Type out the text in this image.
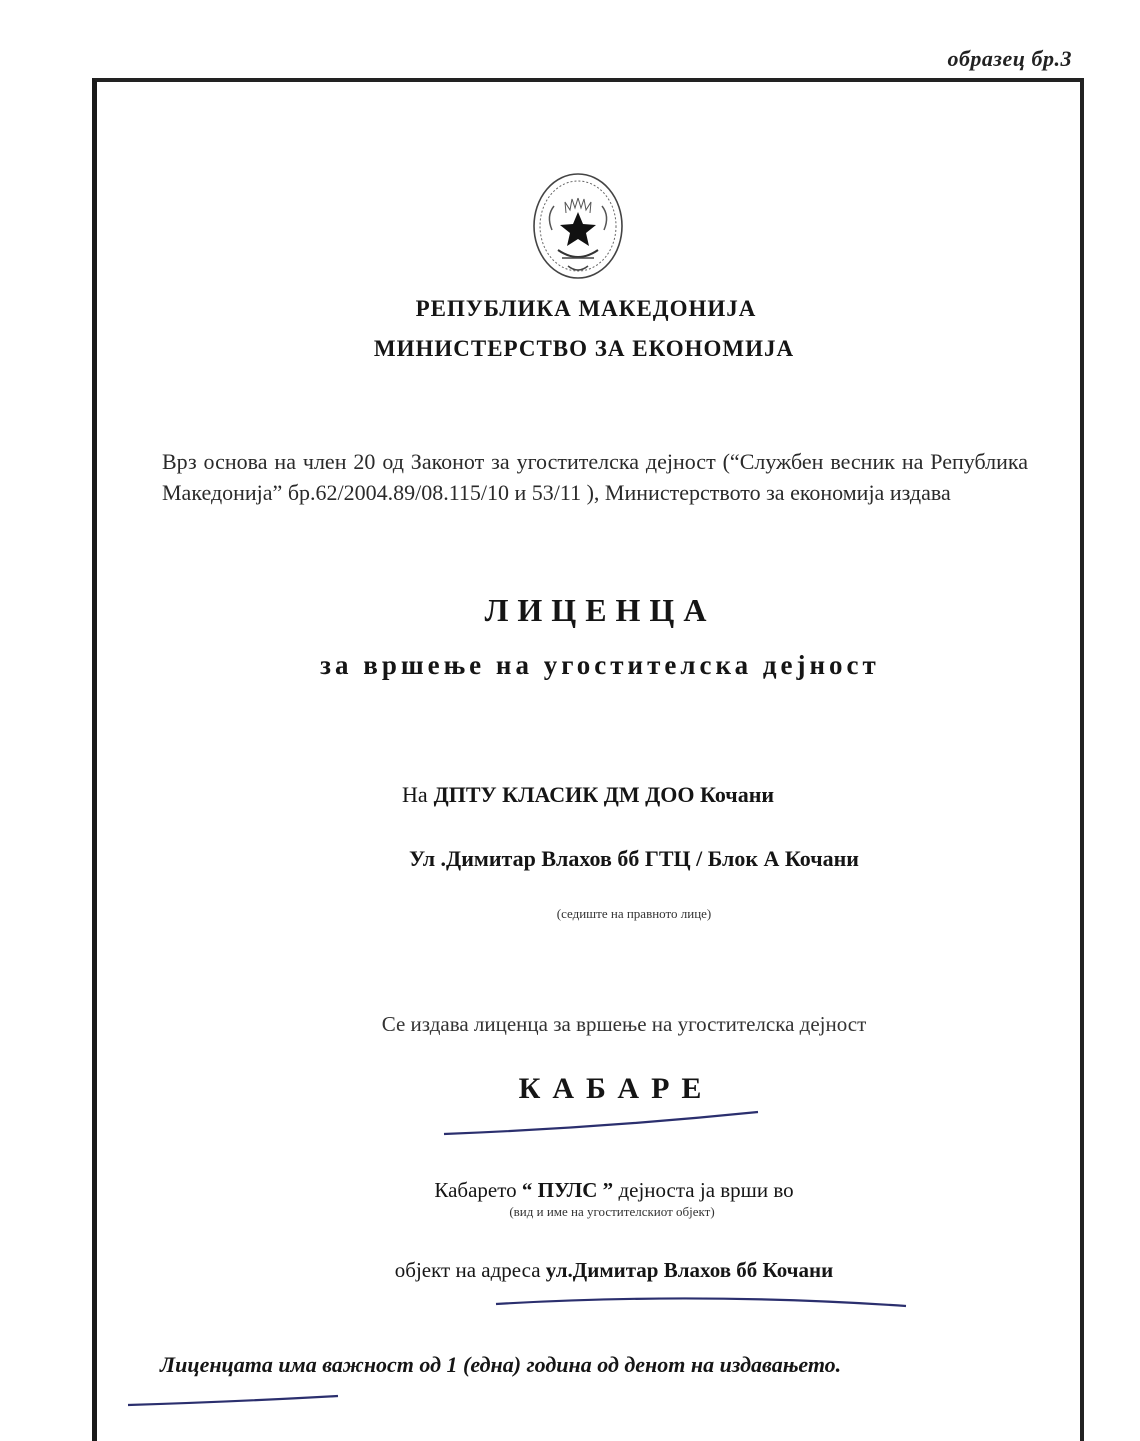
образец бр.3
РЕПУБЛИКА МАКЕДОНИЈА
МИНИСТЕРСТВО ЗА ЕКОНОМИЈА
Врз основа на член 20 од Законот за угостителска дејност (“Службен весник на Република Македонија” бр.62/2004.89/08.115/10 и 53/11 ), Министерството за економија издава
ЛИЦЕНЦА
за вршење на угостителска дејност
На ДПТУ КЛАСИК ДМ ДОО Кочани
Ул .Димитар Влахов бб ГТЦ / Блок А Кочани
(седиште на правното лице)
Се издава лиценца за вршење на угостителска дејност
КАБАРЕ
Кабарето “ ПУЛС ” дејноста ја врши во
(вид и име на угостителскиот објект)
објект на адреса ул.Димитар Влахов бб Кочани
Лиценцата има важност од 1 (една) година од денот на издавањето.
